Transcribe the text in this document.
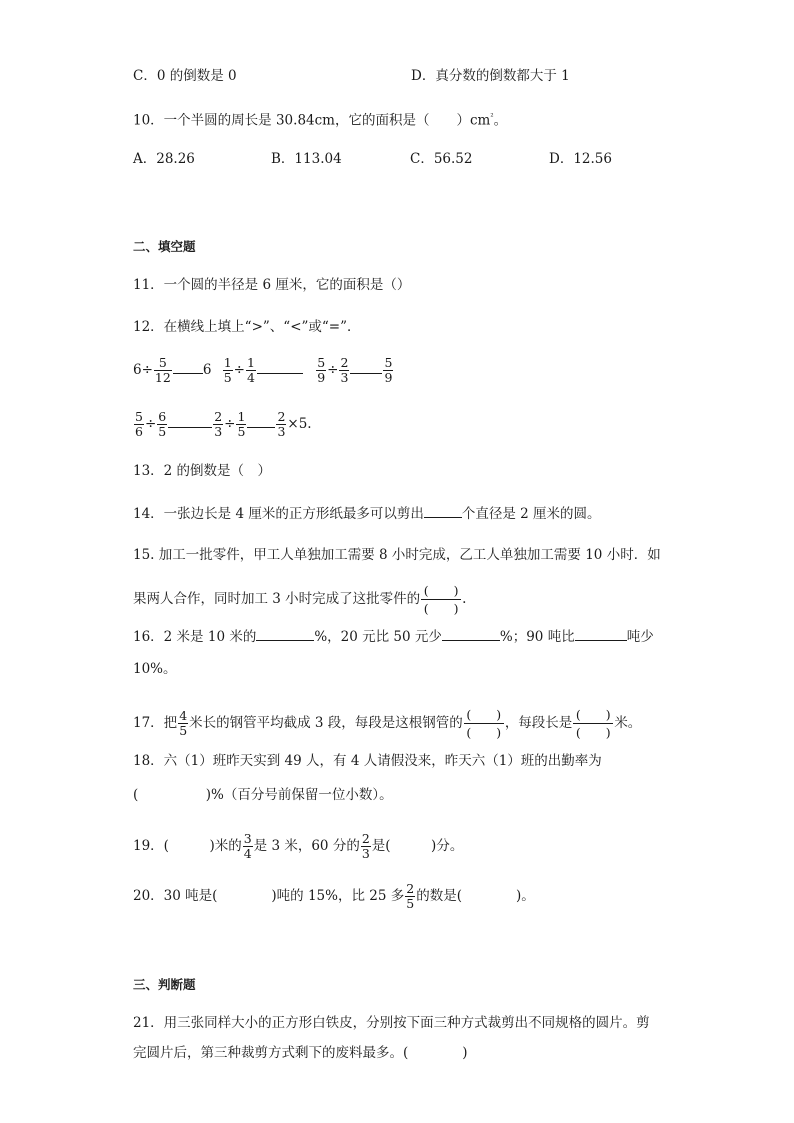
C．0 的倒数是 0	D．真分数的倒数都大于 1
10．一个半圆的周长是 30.84cm，它的面积是（　　）$cm^{^2}$。
A．28.26	B．113.04	C．56.52	D．12.56
二、填空题
11．一个圆的半径是 6 厘米，它的面积是（）
12．在横线上填上“>”、“<”或“=”．
$6\div \frac{5}{12} 6 \frac{1}{5} \div \frac{1}{4}$
	$\frac{5}{9} \div \frac{2}{3}$	$\frac{5}{9}$
$\frac{5}{6} \div \frac{6}{5}$	$\frac{2}{3} \div \frac{1}{5} \frac{2}{3} \times 5$.
13．2 的倒数是（　）
14．一张边长是 4 厘米的正方形纸最多可以剪出	个直径是 2 厘米的圆。
15. 加工一批零件，甲工人单独加工需要 8 小时完成，乙工人单独加工需要 10 小时．如
果两人合作，同时加工 3 小时完成了这批零件的 $\frac{( )}{( )}$ .
16．2 米是 10 米的	%，20 元比 50 元少	%；90 吨比	吨少
10%。
17．把 $\frac{4}{5}$ 米长的钢管平均截成 3 段，每段是这根钢管的 $\frac{( )}{( )}$ ，每段长是 $\frac{( )}{( )}$ 米。
18．六（1）班昨天实到 49 人，有 4 人请假没来，昨天六（1）班的出勤率为
(　　　　　)%（百分号前保留一位小数）。
19．(　　　)米的 $\frac{3}{4}$ 是 3 米，60 分的 $\frac{2}{3}$ 是(　　　)分。
20．30 吨是(　　　　)吨的 15%，比 25 多 $\frac{2}{5}$ 的数是(　　　　)。
三、判断题
21．用三张同样大小的正方形白铁皮，分别按下面三种方式裁剪出不同规格的圆片。剪
完圆片后，第三种裁剪方式剩下的废料最多。(　　　　)
